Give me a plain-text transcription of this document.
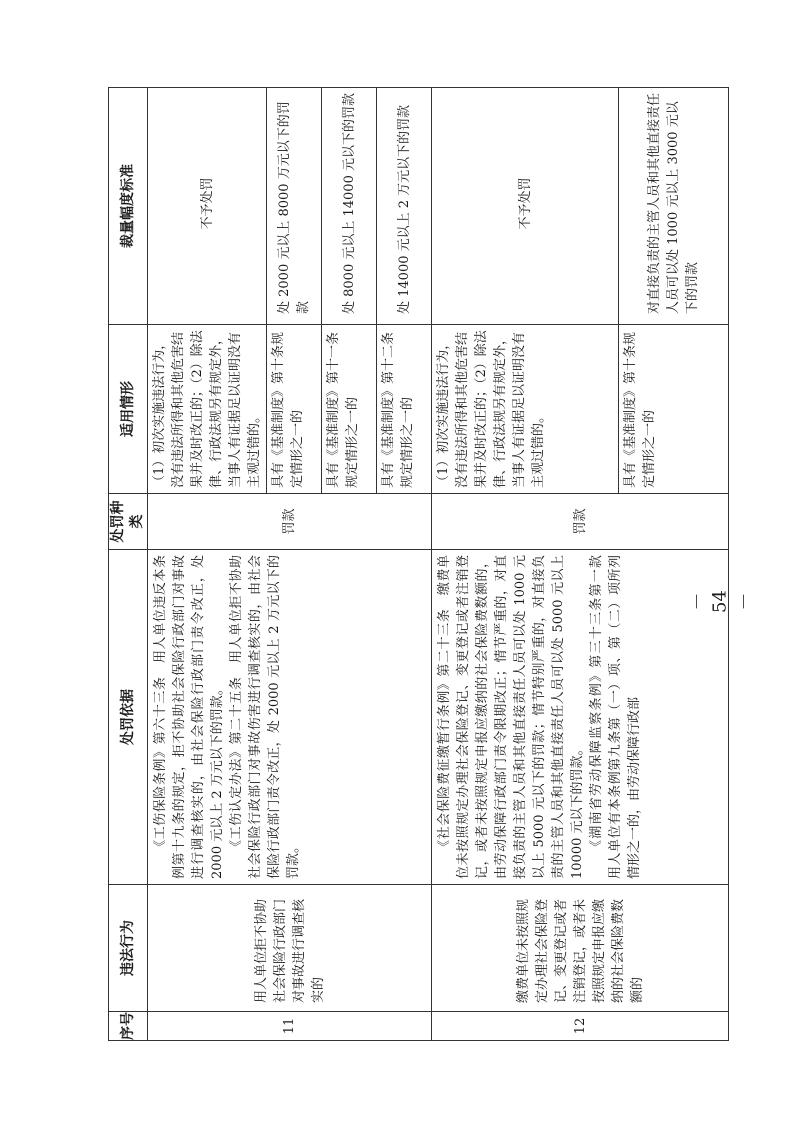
序号	违法行为	处罚依据	处罚种类	适用情形	裁量幅度标准
11	用人单位拒不协助社会保险行政部门对事故进行调查核实的	《工伤保险条例》第六十三条　用人单位违反本条例第十九条的规定，拒不协助社会保险行政部门对事故进行调查核实的，由社会保险行政部门责令改正，处 2000 元以上 2 万元以下的罚款。 《工伤认定办法》第二十五条　用人单位拒不协助社会保险行政部门对事故伤害进行调查核实的，由社会保险行政部门责令改正，处 2000 元以上 2 万元以下的罚款。	罚款	（1）初次实施违法行为，没有违法所得和其他危害结果并及时改正的；（2）除法律、行政法规另有规定外，当事人有证据足以证明没有主观过错的。	不予处罚
				具有《基准制度》第十条规定情形之一的	处 2000 元以上 8000 万元以下的罚款
				具有《基准制度》第十一条规定情形之一的	处 8000 元以上 14000 元以下的罚款
				具有《基准制度》第十二条规定情形之一的	处 14000 元以上 2 万元以下的罚款
12	缴费单位未按照规定办理社会保险登记、变更登记或者注销登记，或者未按照规定申报应缴纳的社会保险费数额的	《社会保险费征缴暂行条例》第二十三条　缴费单位未按照规定办理社会保险登记、变更登记或者注销登记，或者未按照规定申报应缴纳的社会保险费数额的，由劳动保障行政部门责令限期改正；情节严重的，对直接负责的主管人员和其他直接责任人员可以处 1000 元以上 5000 元以下的罚款；情节特别严重的，对直接负责的主管人员和其他直接责任人员可以处 5000 元以上 10000 元以下的罚款。 《湖南省劳动保障监察条例》第三十三条第一款　用人单位有本条例第九条第（一）项、第（二）项所列情形之一的，由劳动保障行政部	罚款	（1）初次实施违法行为，没有违法所得和其他危害结果并及时改正的；（2）除法律、行政法规另有规定外，当事人有证据足以证明没有主观过错的。	不予处罚
				具有《基准制度》第十条规定情形之一的	对直接负责的主管人员和其他直接责任人员可以处 1000 元以上 3000 元以下的罚款
－ 54 －
